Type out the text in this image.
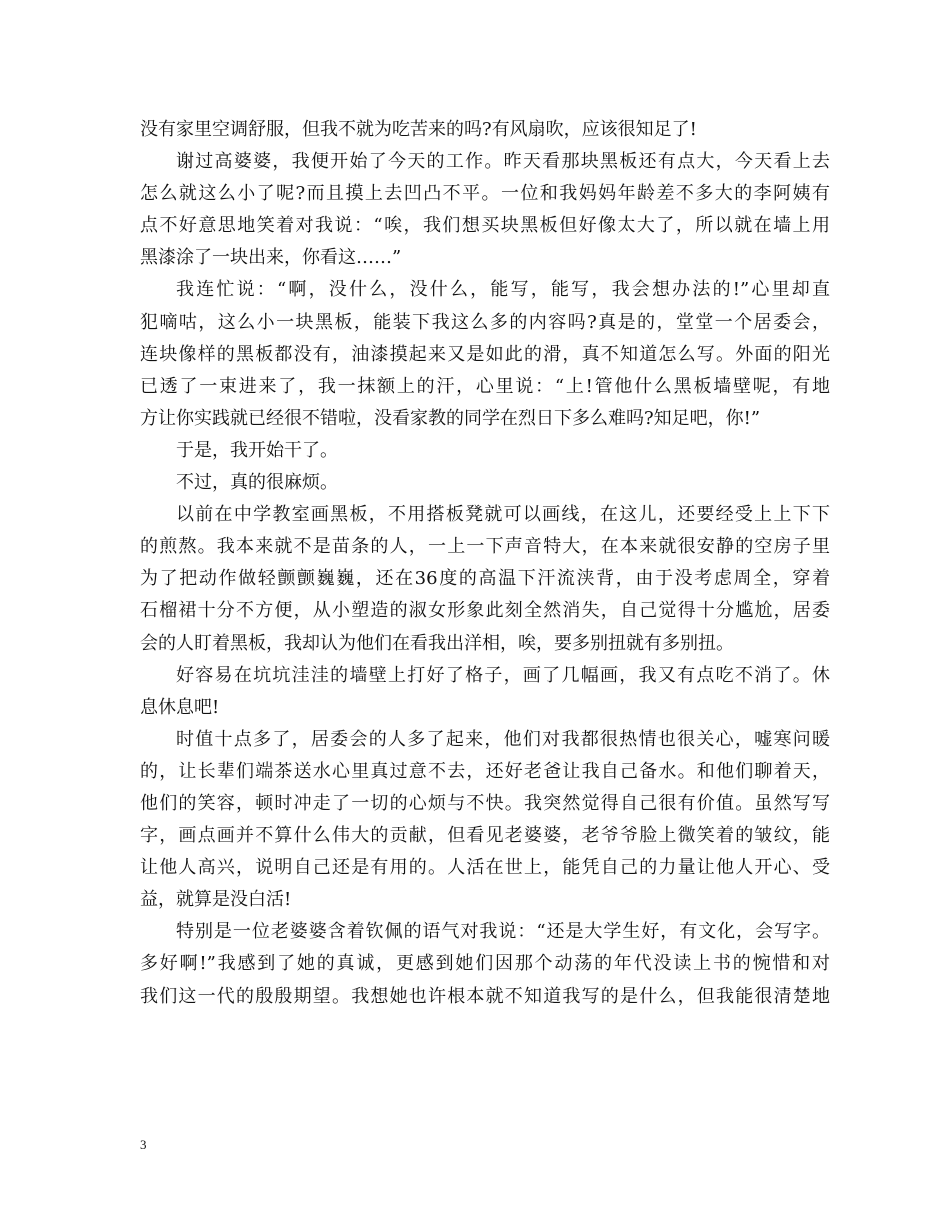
没有家里空调舒服，但我不就为吃苦来的吗?有风扇吹，应该很知足了!
谢过高婆婆，我便开始了今天的工作。昨天看那块黑板还有点大，今天看上去
怎么就这么小了呢?而且摸上去凹凸不平。一位和我妈妈年龄差不多大的李阿姨有
点不好意思地笑着对我说：“唉，我们想买块黑板但好像太大了，所以就在墙上用
黑漆涂了一块出来，你看这……”
我连忙说：“啊，没什么，没什么，能写，能写，我会想办法的!”心里却直
犯嘀咕，这么小一块黑板，能装下我这么多的内容吗?真是的，堂堂一个居委会，
连块像样的黑板都没有，油漆摸起来又是如此的滑，真不知道怎么写。外面的阳光
已透了一束进来了，我一抹额上的汗，心里说：“上!管他什么黑板墙壁呢，有地
方让你实践就已经很不错啦，没看家教的同学在烈日下多么难吗?知足吧，你!”
于是，我开始干了。
不过，真的很麻烦。
以前在中学教室画黑板，不用搭板凳就可以画线，在这儿，还要经受上上下下
的煎熬。我本来就不是苗条的人，一上一下声音特大，在本来就很安静的空房子里
为了把动作做轻颤颤巍巍，还在36度的高温下汗流浃背，由于没考虑周全，穿着
石榴裙十分不方便，从小塑造的淑女形象此刻全然消失，自己觉得十分尴尬，居委
会的人盯着黑板，我却认为他们在看我出洋相，唉，要多别扭就有多别扭。
好容易在坑坑洼洼的墙壁上打好了格子，画了几幅画，我又有点吃不消了。休
息休息吧!
时值十点多了，居委会的人多了起来，他们对我都很热情也很关心，嘘寒问暖
的，让长辈们端茶送水心里真过意不去，还好老爸让我自己备水。和他们聊着天，
他们的笑容，顿时冲走了一切的心烦与不快。我突然觉得自己很有价值。虽然写写
字，画点画并不算什么伟大的贡献，但看见老婆婆，老爷爷脸上微笑着的皱纹，能
让他人高兴，说明自己还是有用的。人活在世上，能凭自己的力量让他人开心、受
益，就算是没白活!
特别是一位老婆婆含着钦佩的语气对我说：“还是大学生好，有文化，会写字。
多好啊!”我感到了她的真诚，更感到她们因那个动荡的年代没读上书的惋惜和对
我们这一代的殷殷期望。我想她也许根本就不知道我写的是什么，但我能很清楚地
3
